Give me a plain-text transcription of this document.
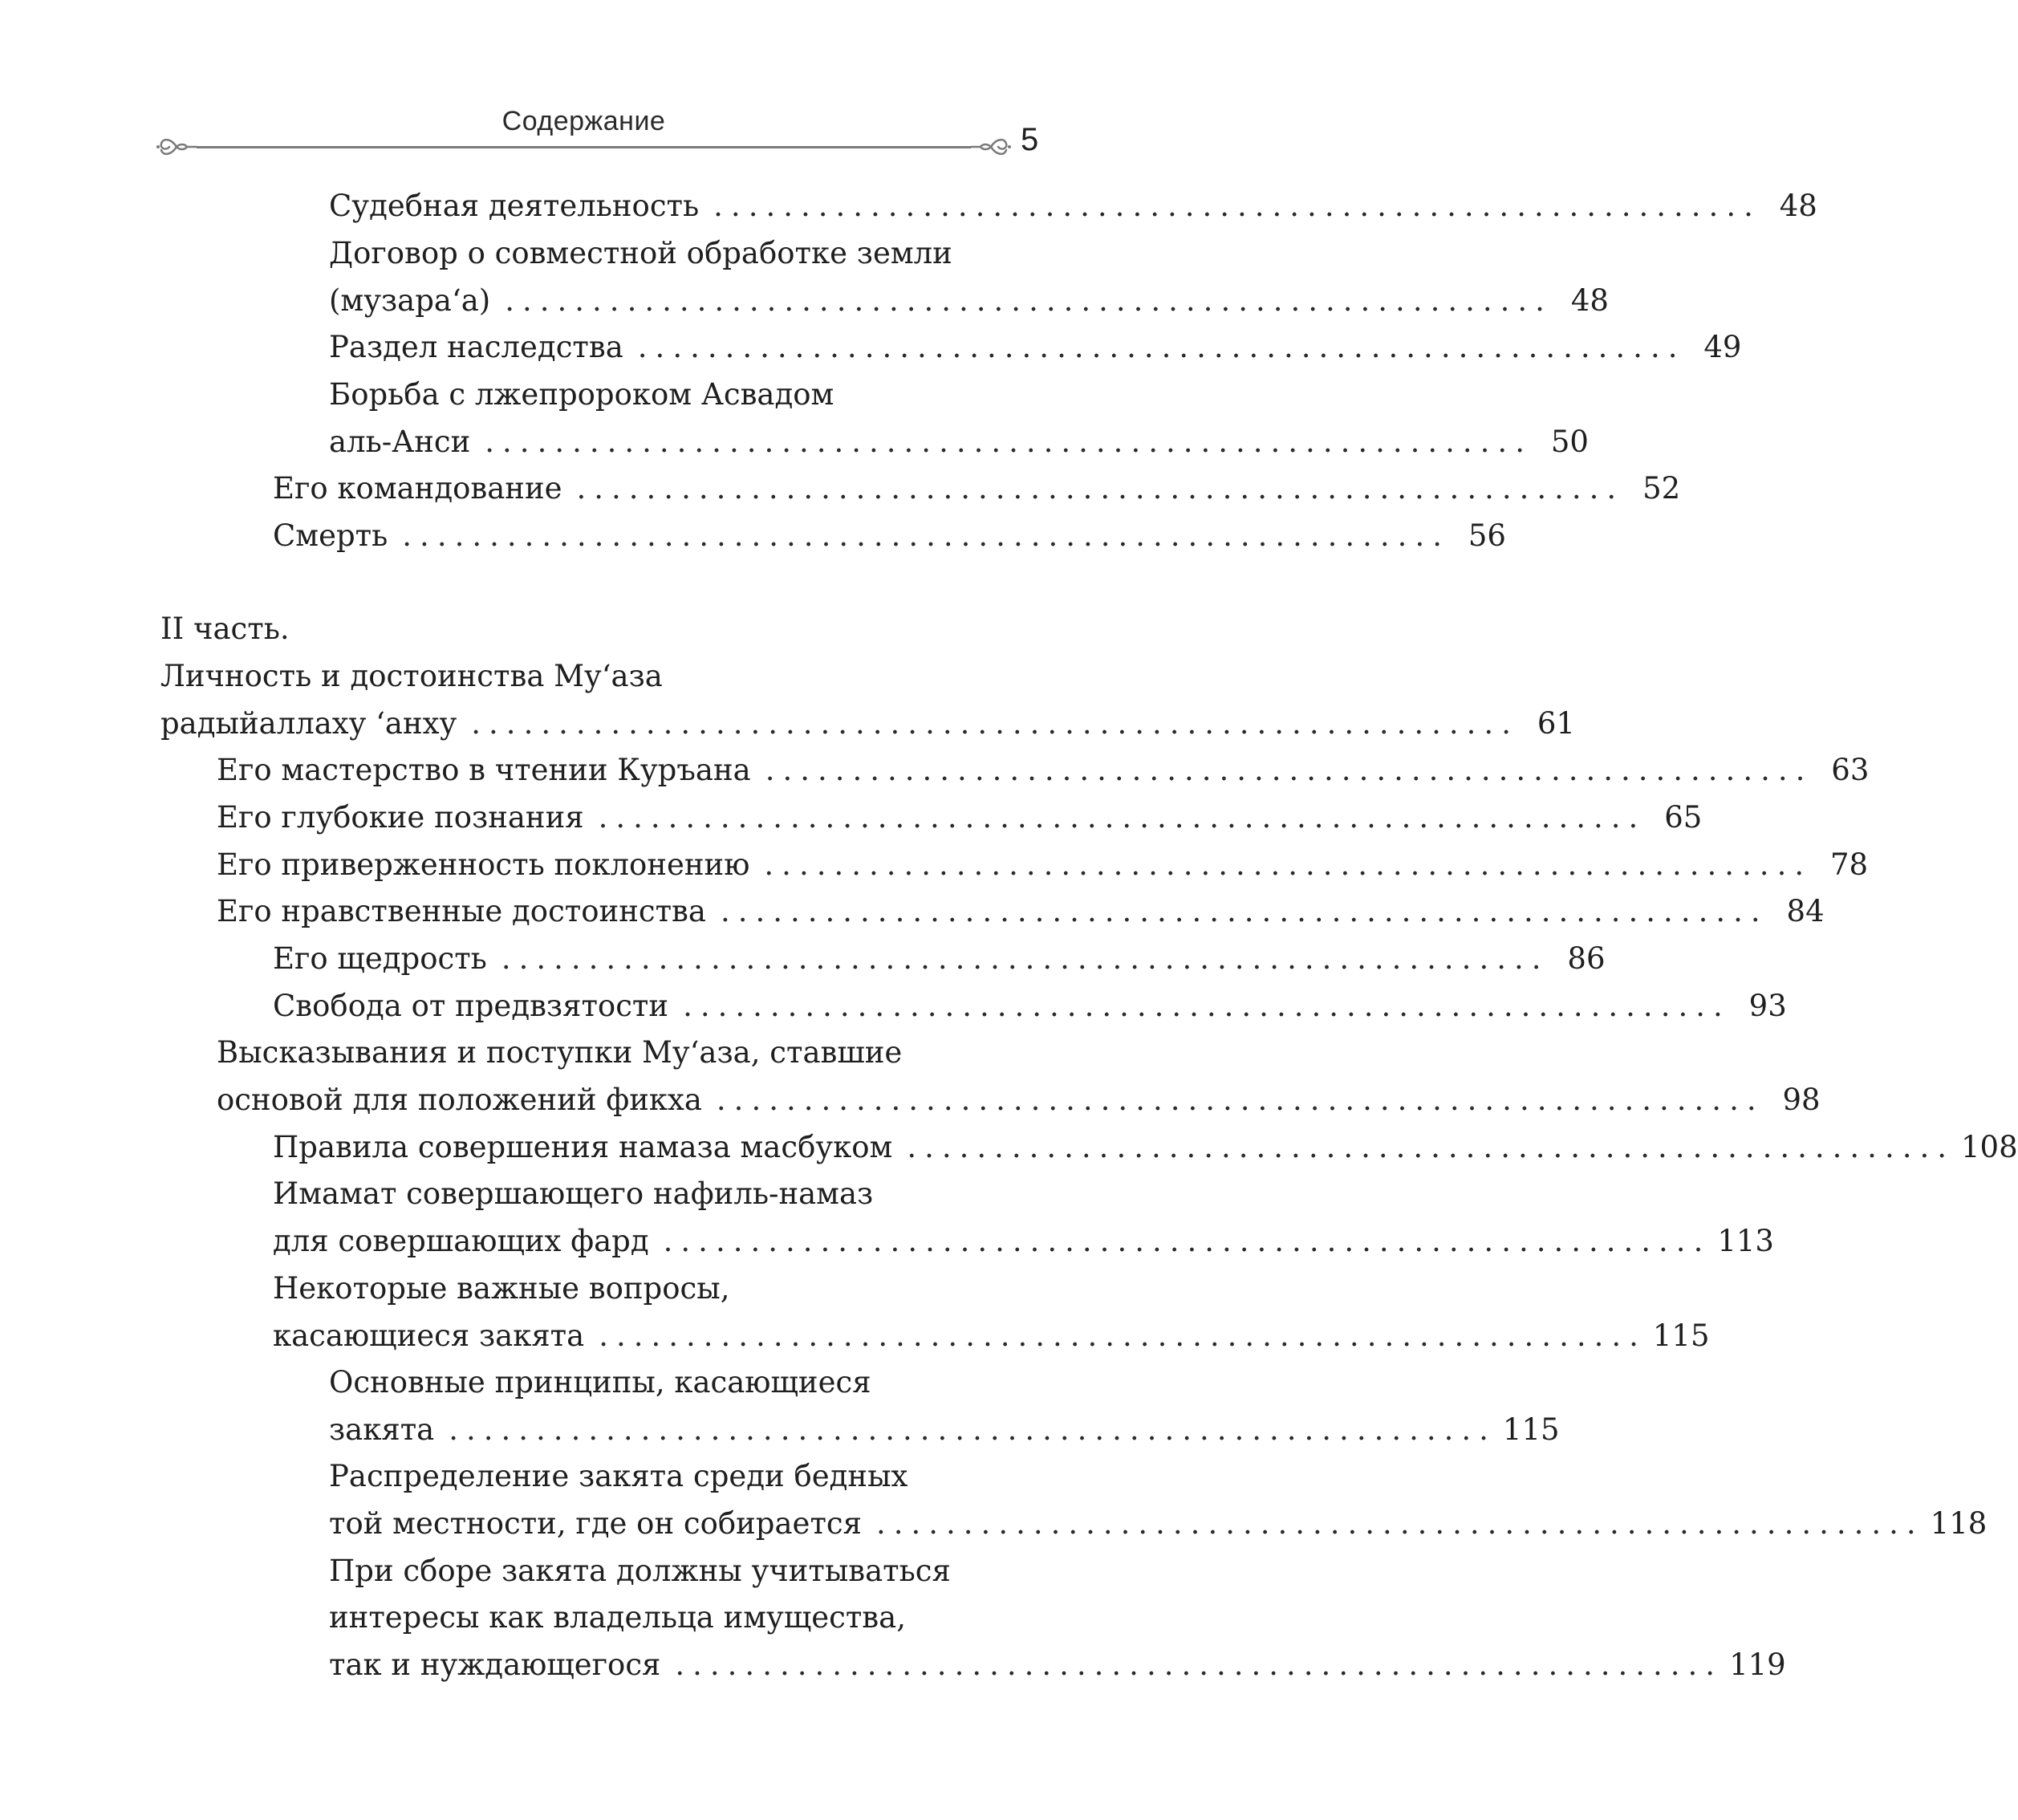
Содержание
5
Судебная деятельность ............................................................ 48
Договор о совместной обработке земли
(музара‘а) ............................................................ 48
Раздел наследства ............................................................ 49
Борьба с лжепророком Асвадом
аль-Анси ............................................................ 50
Его командование ............................................................ 52
Смерть ............................................................ 56
II часть.
Личность и достоинства Му‘аза
радыйаллаху ‘анху ............................................................ 61
Его мастерство в чтении Куръана ............................................................ 63
Его глубокие познания ............................................................ 65
Его приверженность поклонению ............................................................ 78
Его нравственные достоинства ............................................................ 84
Его щедрость ............................................................ 86
Свобода от предвзятости ............................................................ 93
Высказывания и поступки Му‘аза, ставшие
основой для положений фикха ............................................................ 98
Правила совершения намаза масбуком ............................................................ 108
Имамат совершающего нафиль-намаз
для совершающих фард ............................................................ 113
Некоторые важные вопросы,
касающиеся закята ............................................................ 115
Основные принципы, касающиеся
закята ............................................................ 115
Распределение закята среди бедных
той местности, где он собирается ............................................................ 118
При сборе закята должны учитываться
интересы как владельца имущества,
так и нуждающегося ............................................................ 119
